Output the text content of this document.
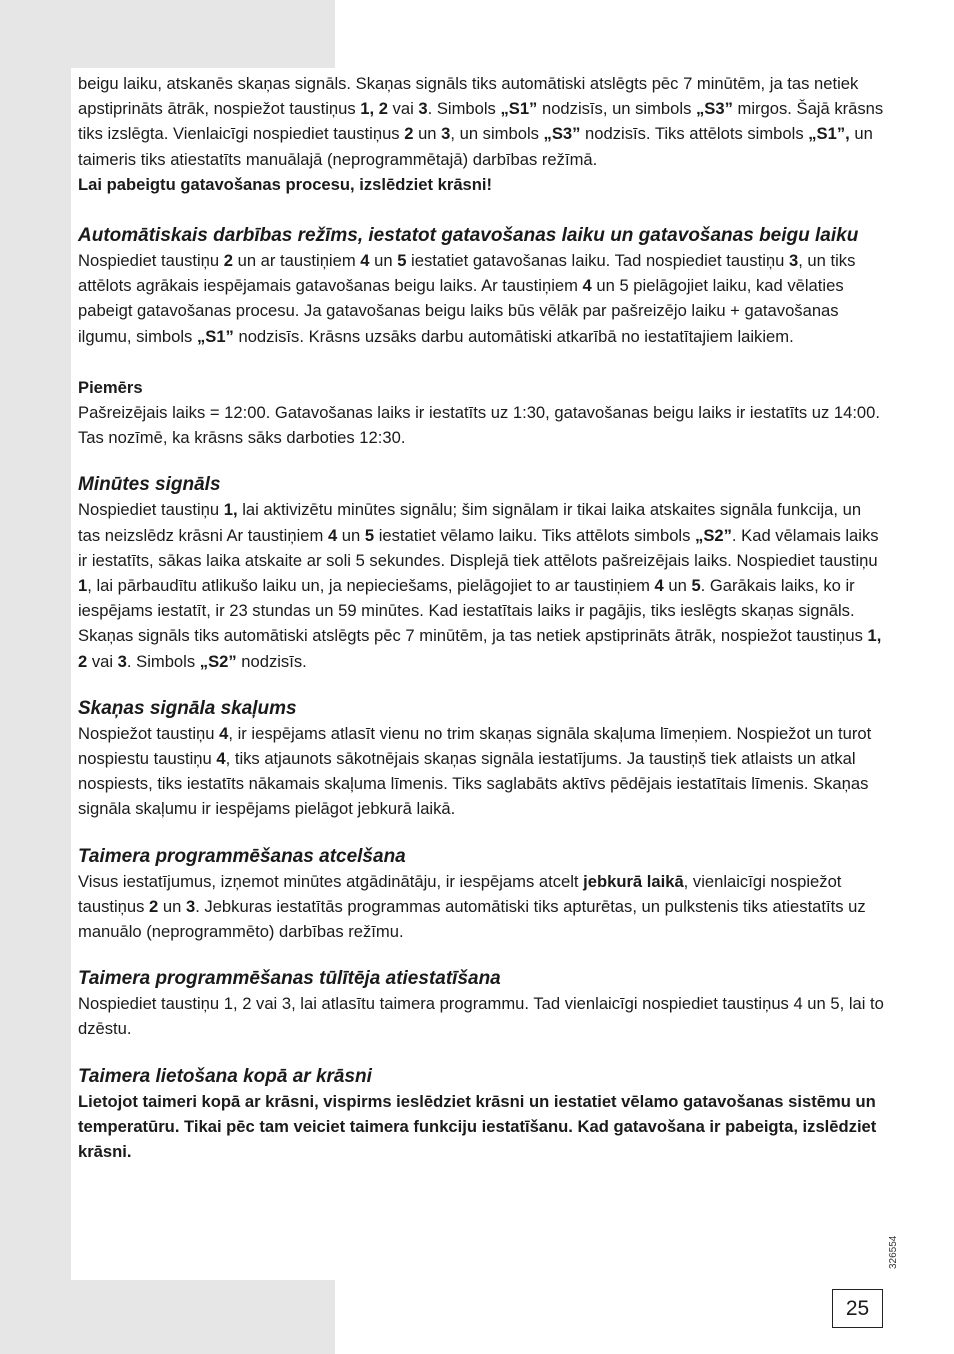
beigu laiku, atskanēs skaņas signāls. Skaņas signāls tiks automātiski atslēgts pēc 7 minūtēm, ja tas netiek apstiprināts ātrāk, nospiežot taustiņus 1, 2 vai 3. Simbols „S1” nodzisīs, un simbols „S3” mirgos. Šajā krāsns tiks izslēgta. Vienlaicīgi nospiediet taustiņus 2 un 3, un simbols „S3” nodzisīs. Tiks attēlots simbols „S1”, un taimeris tiks atiestatīts manuālajā (neprogrammētajā) darbības režīmā.

Lai pabeigtu gatavošanas procesu, izslēdziet krāsni!

Automātiskais darbības režīms, iestatot gatavošanas laiku un gatavošanas beigu laiku

Nospiediet taustiņu 2 un ar taustiņiem 4 un 5 iestatiet gatavošanas laiku. Tad nospiediet taustiņu 3, un tiks attēlots agrākais iespējamais gatavošanas beigu laiks. Ar taustiņiem 4 un 5 pielāgojiet laiku, kad vēlaties pabeigt gatavošanas procesu. Ja gatavošanas beigu laiks būs vēlāk par pašreizējo laiku + gatavošanas ilgumu, simbols „S1” nodzisīs. Krāsns uzsāks darbu automātiski atkarībā no iestatītajiem laikiem.

Piemērs

Pašreizējais laiks = 12:00. Gatavošanas laiks ir iestatīts uz 1:30, gatavošanas beigu laiks ir iestatīts uz 14:00. Tas nozīmē, ka krāsns sāks darboties 12:30.

Minūtes signāls

Nospiediet taustiņu 1, lai aktivizētu minūtes signālu; šim signālam ir tikai laika atskaites signāla funkcija, un tas neizslēdz krāsni Ar taustiņiem 4 un 5 iestatiet vēlamo laiku. Tiks attēlots simbols „S2”. Kad vēlamais laiks ir iestatīts, sākas laika atskaite ar soli 5 sekundes. Displejā tiek attēlots pašreizējais laiks. Nospiediet taustiņu 1, lai pārbaudītu atlikušo laiku un, ja nepieciešams, pielāgojiet to ar taustiņiem 4 un 5. Garākais laiks, ko ir iespējams iestatīt, ir 23 stundas un 59 minūtes. Kad iestatītais laiks ir pagājis, tiks ieslēgts skaņas signāls. Skaņas signāls tiks automātiski atslēgts pēc 7 minūtēm, ja tas netiek apstiprināts ātrāk, nospiežot taustiņus 1, 2 vai 3. Simbols „S2” nodzisīs.

Skaņas signāla skaļums

Nospiežot taustiņu 4, ir iespējams atlasīt vienu no trim skaņas signāla skaļuma līmeņiem. Nospiežot un turot nospiestu taustiņu 4, tiks atjaunots sākotnējais skaņas signāla iestatījums. Ja taustiņš tiek atlaists un atkal nospiests, tiks iestatīts nākamais skaļuma līmenis. Tiks saglabāts aktīvs pēdējais iestatītais līmenis. Skaņas signāla skaļumu ir iespējams pielāgot jebkurā laikā.

Taimera programmēšanas atcelšana

Visus iestatījumus, izņemot minūtes atgādinātāju, ir iespējams atcelt jebkurā laikā, vienlaicīgi nospiežot taustiņus 2 un 3. Jebkuras iestatītās programmas automātiski tiks apturētas, un pulkstenis tiks atiestatīts uz manuālo (neprogrammēto) darbības režīmu.

Taimera programmēšanas tūlītēja atiestatīšana

Nospiediet taustiņu 1, 2 vai 3, lai atlasītu taimera programmu. Tad vienlaicīgi nospiediet taustiņus 4 un 5, lai to dzēstu.

Taimera lietošana kopā ar krāsni

Lietojot taimeri kopā ar krāsni, vispirms ieslēdziet krāsni un iestatiet vēlamo gatavošanas sistēmu un temperatūru. Tikai pēc tam veiciet taimera funkciju iestatīšanu. Kad gatavošana ir pabeigta, izslēdziet krāsni.

326554
25
